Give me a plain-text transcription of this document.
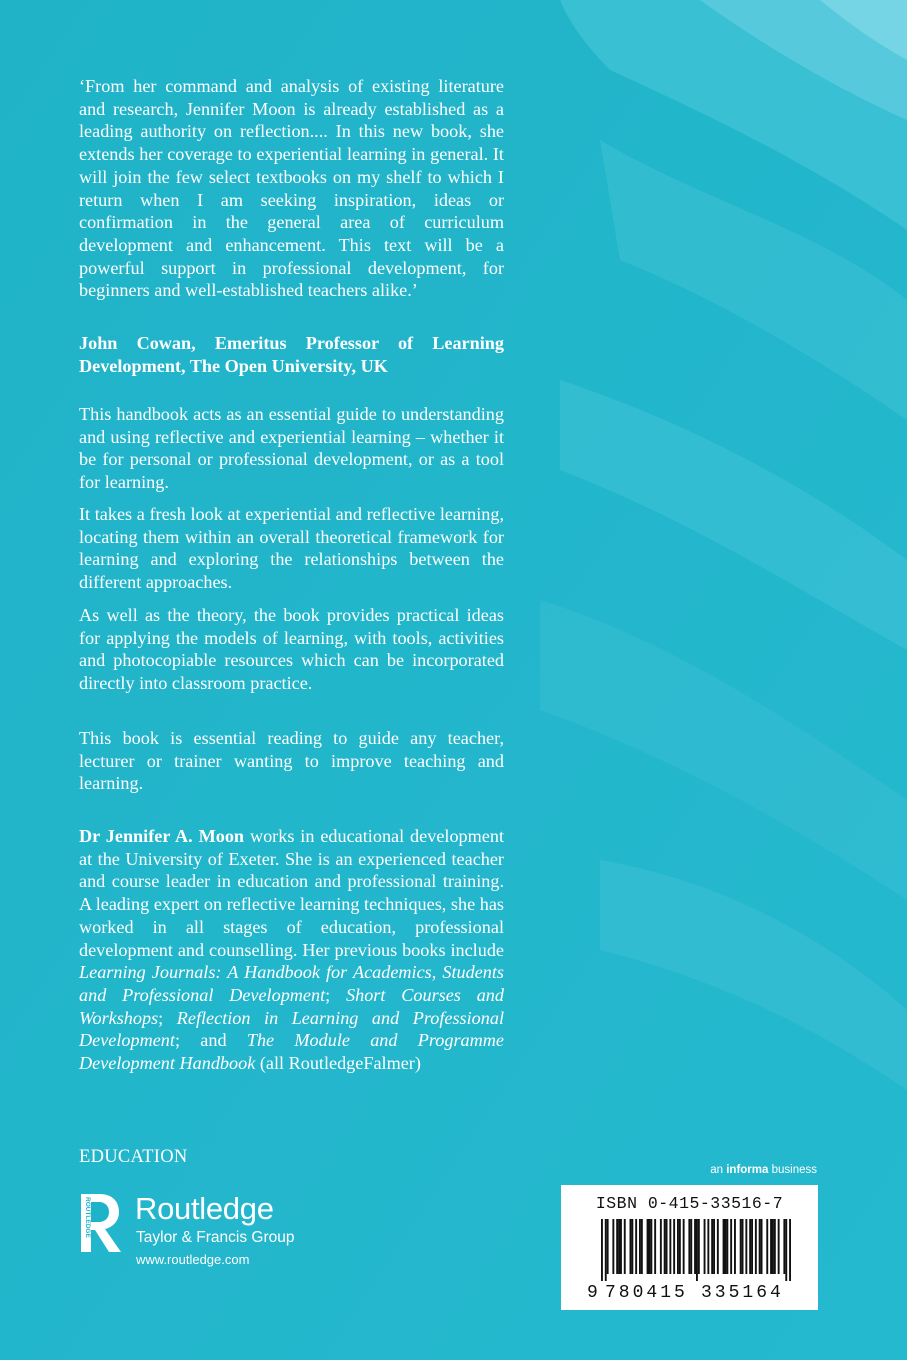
‘From her command and analysis of existing literature and research, Jennifer Moon is already established as a leading authority on reflection.... In this new book, she extends her coverage to experiential learning in general. It will join the few select textbooks on my shelf to which I return when I am seeking inspiration, ideas or confirmation in the general area of curriculum development and enhancement. This text will be a powerful support in professional development, for beginners and well-established teachers alike.’

John Cowan, Emeritus Professor of Learning Development, The Open University, UK

This handbook acts as an essential guide to understanding and using reflective and experiential learning – whether it be for personal or professional development, or as a tool for learning.

It takes a fresh look at experiential and reflective learning, locating them within an overall theoretical framework for learning and exploring the relationships between the different approaches.

As well as the theory, the book provides practical ideas for applying the models of learning, with tools, activities and photocopiable resources which can be incorporated directly into classroom practice.

This book is essential reading to guide any teacher, lecturer or trainer wanting to improve teaching and learning.

Dr Jennifer A. Moon works in educational development at the University of Exeter. She is an experienced teacher and course leader in education and professional training. A leading expert on reflective learning techniques, she has worked in all stages of education, professional development and counselling. Her previous books include Learning Journals: A Handbook for Academics, Students and Professional Development; Short Courses and Workshops; Reflection in Learning and Professional Development; and The Module and Programme Development Handbook (all RoutledgeFalmer)

EDUCATION
ROUTLEDGE Routledge
Taylor & Francis Group
www.routledge.com
an informa business
ISBN 0-415-33516-7
9 780415 335164
